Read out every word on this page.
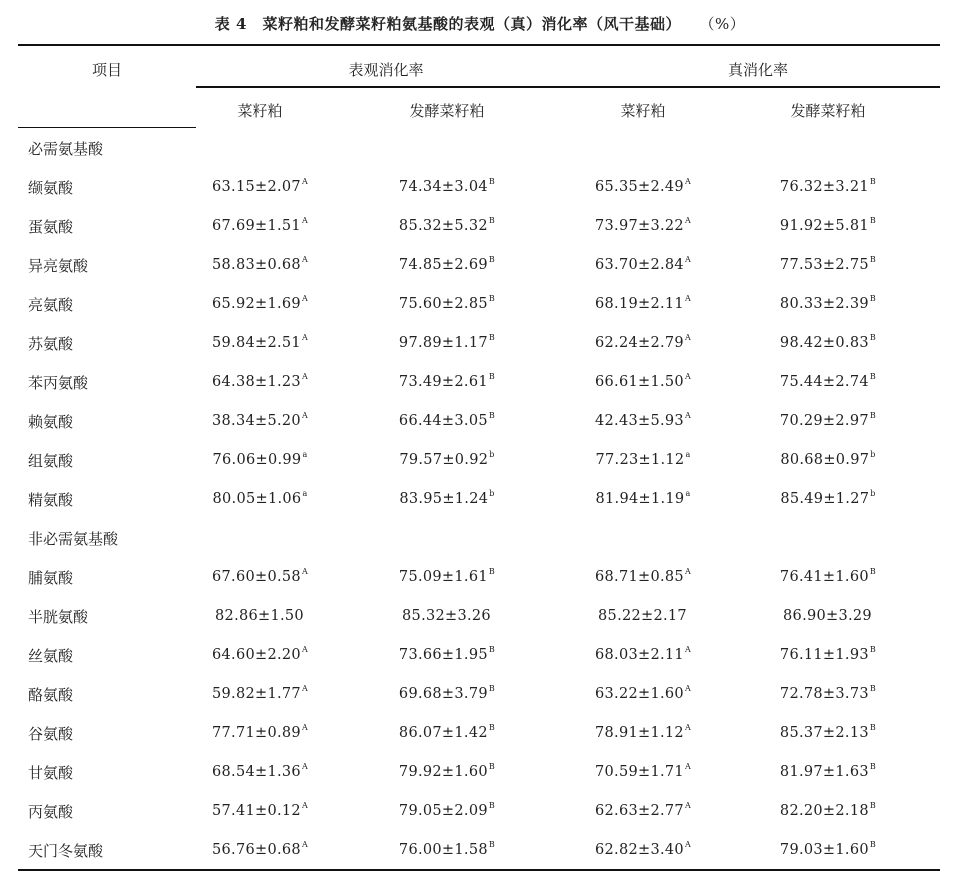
表 4　菜籽粕和发酵菜籽粕氨基酸的表观（真）消化率（风干基础） （%）
项目	表观消化率	真消化率
菜籽粕	发酵菜籽粕	菜籽粕	发酵菜籽粕
必需氨基酸
缬氨酸	$63.15\pm 2.07^A$	$74.34\pm 3.04^B$	$65.35\pm 2.49^A$	$76.32\pm 3.21^B$
蛋氨酸	$67.69\pm 1.51^A$	$85.32\pm 5.32^B$	$73.97\pm 3.22^A$	$91.92\pm 5.81^B$
异亮氨酸	$58.83\pm 0.68^A$	$74.85\pm 2.69^B$	$63.70\pm 2.84^A$	$77.53\pm 2.75^B$
亮氨酸	$65.92\pm 1.69^A$	$75.60\pm 2.85^B$	$68.19\pm 2.11^A$	$80.33\pm 2.39^B$
苏氨酸	$59.84\pm 2.51^A$	$97.89\pm 1.17^B$	$62.24\pm 2.79^A$	$98.42\pm 0.83^B$
苯丙氨酸	$64.38\pm 1.23^A$	$73.49\pm 2.61^B$	$66.61\pm 1.50^A$	$75.44\pm 2.74^B$
赖氨酸	$38.34\pm 5.20^A$	$66.44\pm 3.05^B$	$42.43\pm 5.93^A$	$70.29\pm 2.97^B$
组氨酸	76.06±0.99$^a$	79.57±0.92$^b$	77.23±1.12$^a$	80.68±0.97$^b$
精氨酸	80.05±1.06$^a$	83.95±1.24$^b$	81.94±1.19$^a$	85.49±1.27$^b$
非必需氨基酸
脯氨酸	$67.60\pm 0.58^A$	$75.09\pm 1.61^B$	$68.71\pm 0.85^A$	$76.41\pm 1.60^B$
半胱氨酸	82.86±1.50	85.32±3.26	85.22±2.17	86.90±3.29
丝氨酸	$64.60\pm 2.20^A$	$73.66\pm 1.95^B$	$68.03\pm 2.11^A$	$76.11\pm 1.93^B$
酪氨酸	$59.82\pm 1.77^A$	$69.68\pm 3.79^B$	$63.22\pm 1.60^A$	$72.78\pm 3.73^B$
谷氨酸	$77.71\pm 0.89^A$	$86.07\pm 1.42^B$	$78.91\pm 1.12^A$	$85.37\pm 2.13^B$
甘氨酸	$68.54\pm 1.36^A$	$79.92\pm 1.60^B$	$70.59\pm 1.71^A$	$81.97\pm 1.63^B$
丙氨酸	$57.41\pm 0.12^A$	$79.05\pm 2.09^B$	$62.63\pm 2.77^A$	$82.20\pm 2.18^B$
天门冬氨酸	$56.76\pm 0.68^A$	$76.00\pm 1.58^B$	$62.82\pm 3.40^A$	$79.03\pm 1.60^B$
